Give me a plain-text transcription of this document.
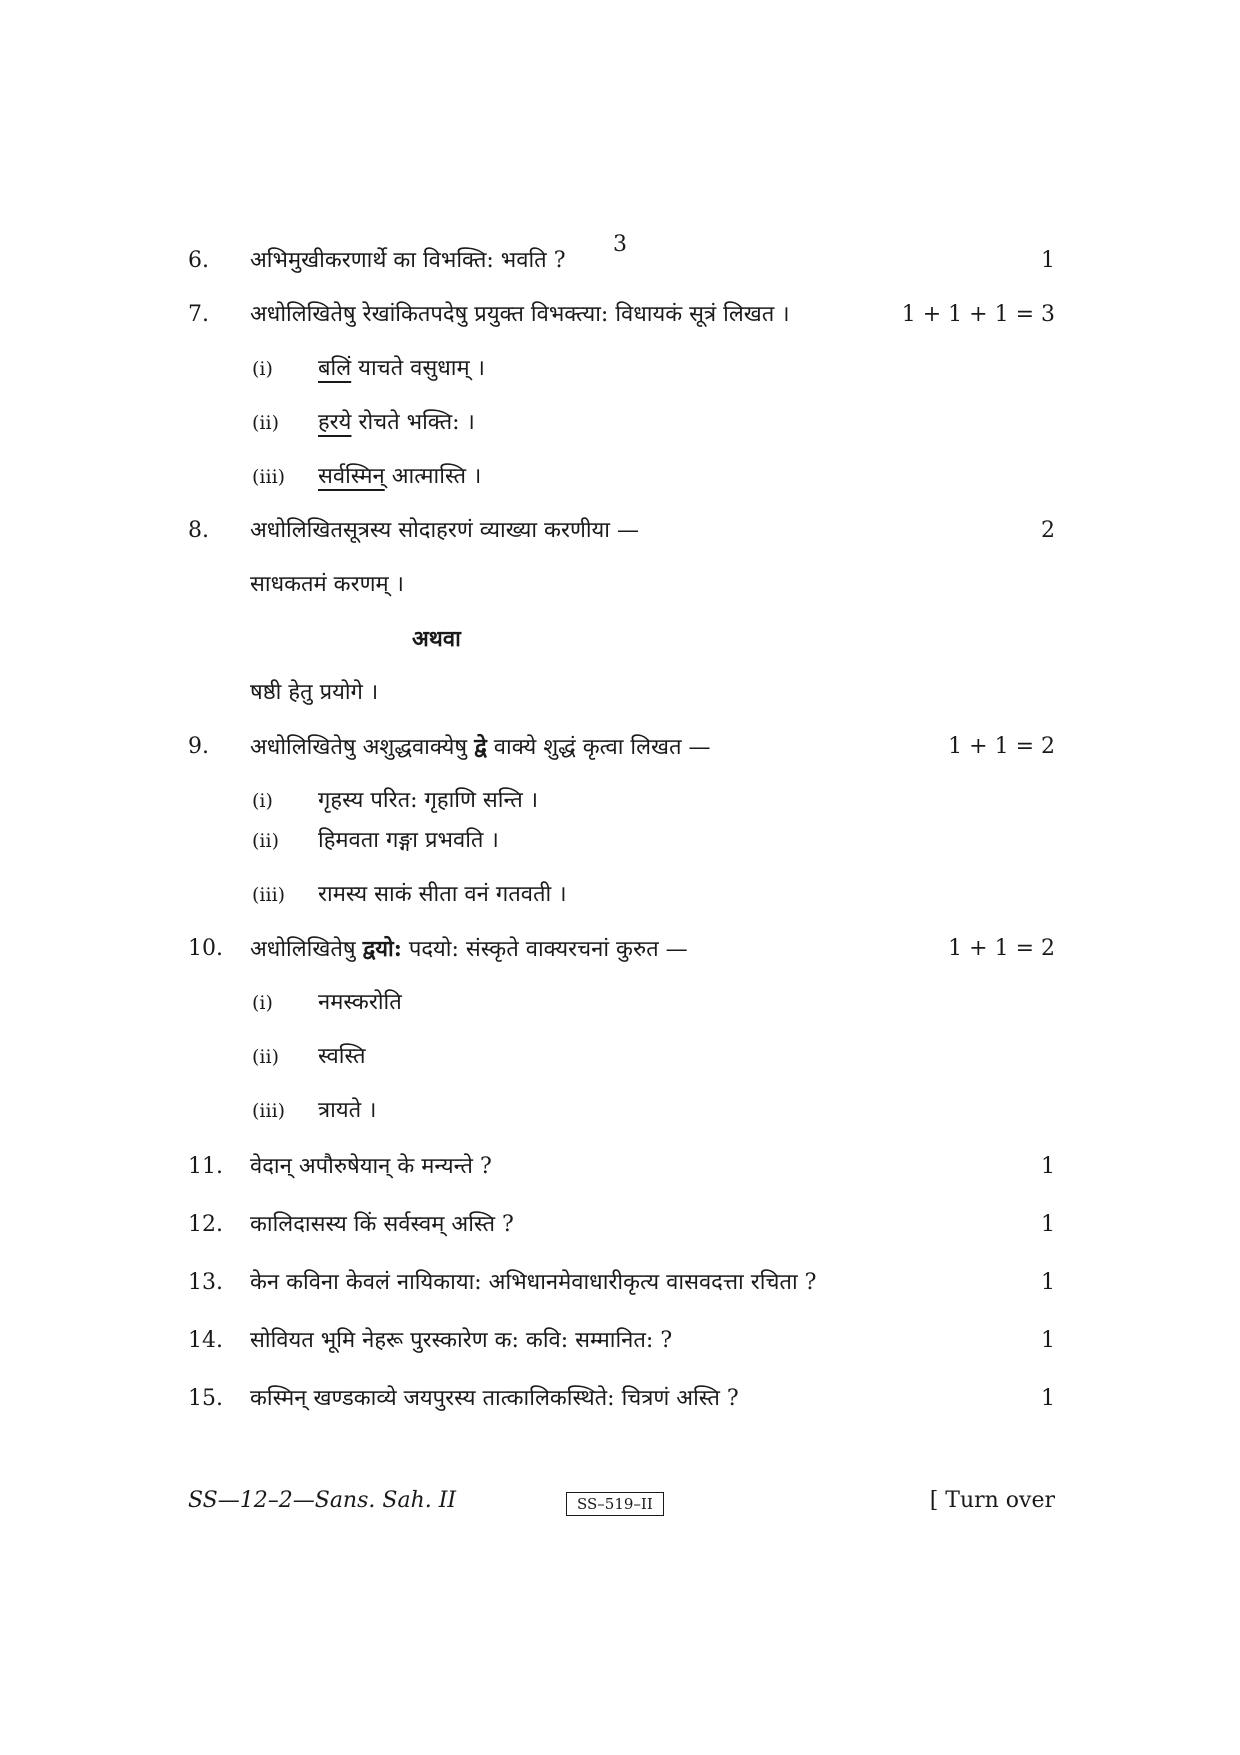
3
6. अभिमुखीकरणार्थे का विभक्ति: भवति ?	1
7. अधोलिखितेषु रेखांकितपदेषु प्रयुक्त विभक्त्या: विधायकं सूत्रं लिखत ।	1 + 1 + 1 = 3
(i) बलिं याचते वसुधाम् ।
(ii) हरये रोचते भक्ति: ।
(iii) सर्वस्मिन् आत्मास्ति ।
8. अधोलिखितसूत्रस्य सोदाहरणं व्याख्या करणीया —	2
साधकतमं करणम् ।
अथवा
षष्ठी हेतु प्रयोगे ।
9. अधोलिखितेषु अशुद्धवाक्येषु द्वे वाक्ये शुद्धं कृत्वा लिखत —	1 + 1 = 2
(i) गृहस्य परित: गृहाणि सन्ति ।
(ii) हिमवता गङ्गा प्रभवति ।
(iii) रामस्य साकं सीता वनं गतवती ।
10. अधोलिखितेषु द्वयो: पदयो: संस्कृते वाक्यरचनां कुरुत —	1 + 1 = 2
(i) नमस्करोति
(ii) स्वस्ति
(iii) त्रायते ।
11. वेदान् अपौरुषेयान् के मन्यन्ते ?	1
12. कालिदासस्य किं सर्वस्वम् अस्ति ?	1
13. केन कविना केवलं नायिकाया: अभिधानमेवाधारीकृत्य वासवदत्ता रचिता ?	1
14. सोवियत भूमि नेहरू पुरस्कारेण क: कवि: सम्मानित: ?	1
15. कस्मिन् खण्डकाव्ये जयपुरस्य तात्कालिकस्थिते: चित्रणं अस्ति ?	1
SS—12–2—Sans. Sah. II	SS–519–II	[ Turn over
